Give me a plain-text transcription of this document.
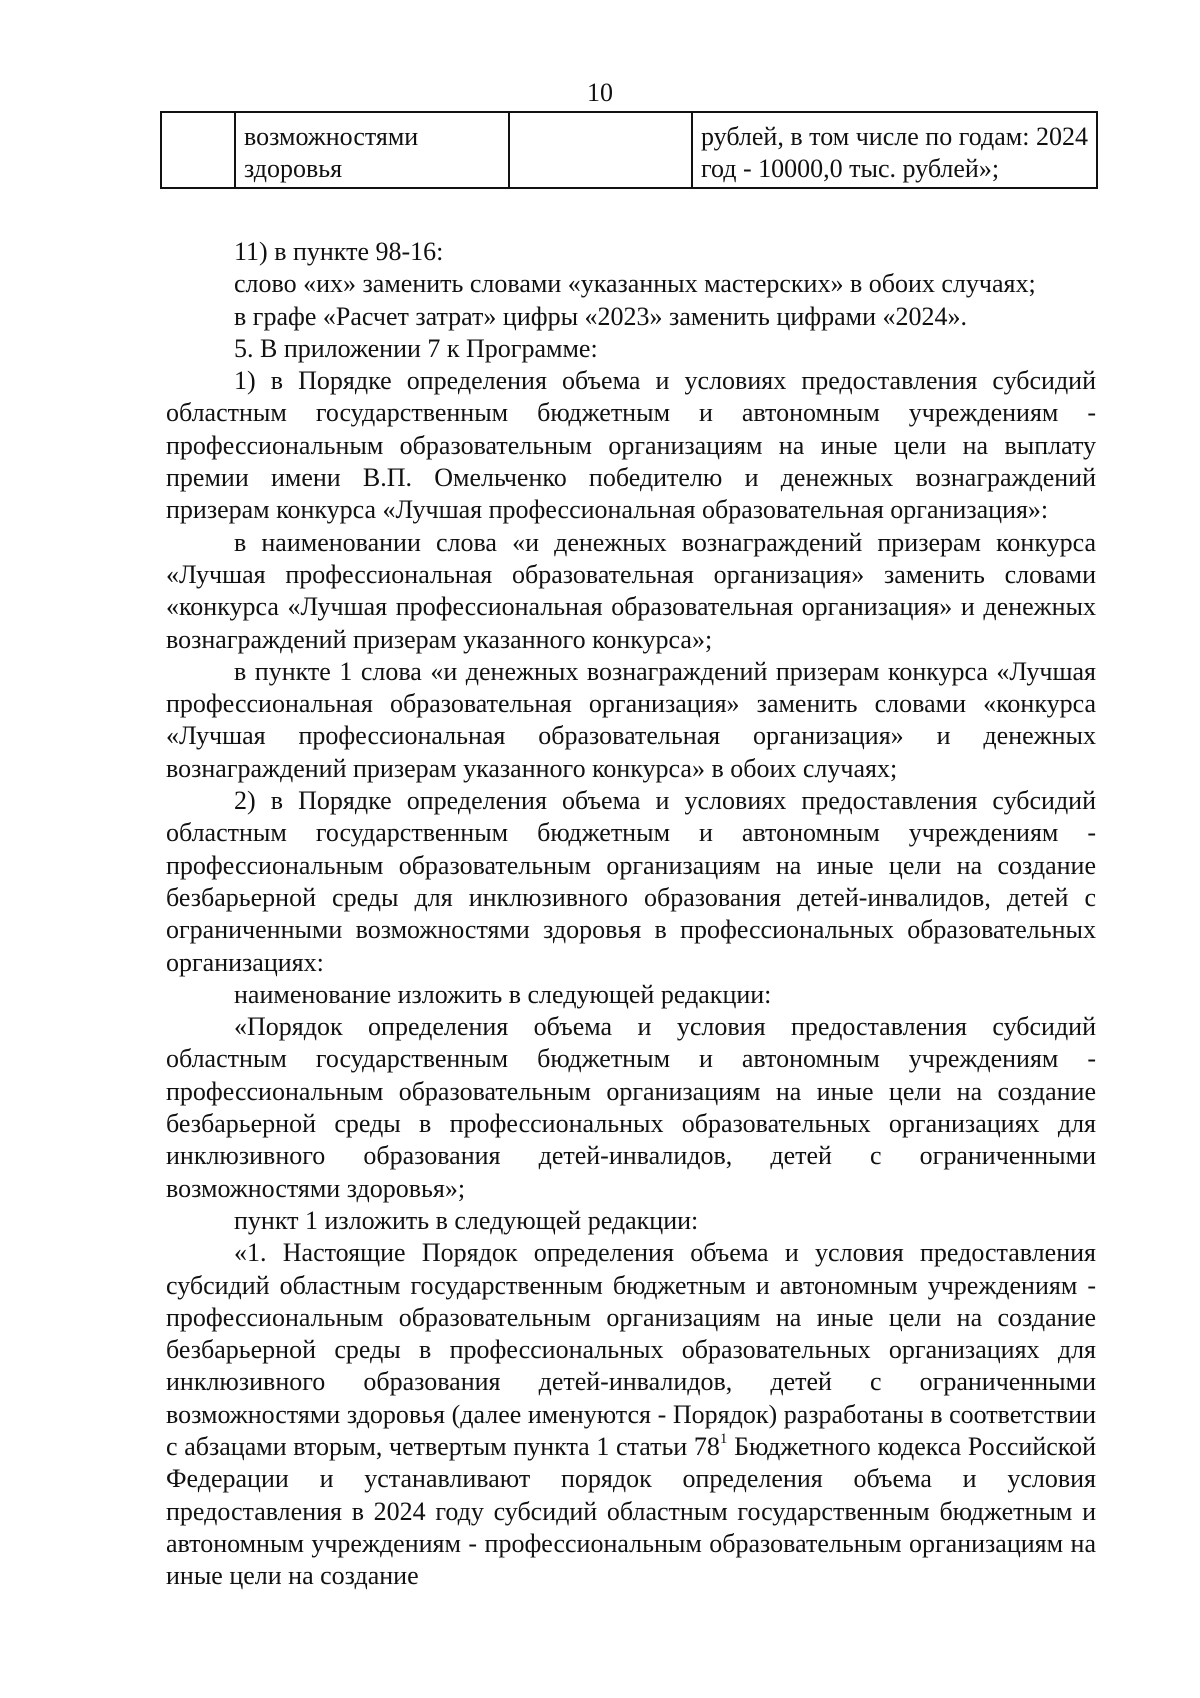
10
	возможностями здоровья		рублей, в том числе по годам: 2024 год - 10000,0 тыс. рублей»;

11) в пункте 98-16:

слово «их» заменить словами «указанных мастерских» в обоих случаях;

в графе «Расчет затрат» цифры «2023» заменить цифрами «2024».

5. В приложении 7 к Программе:

1) в Порядке определения объема и условиях предоставления субсидий областным государственным бюджетным и автономным учреждениям - профессиональным образовательным организациям на иные цели на выплату премии имени В.П. Омельченко победителю и денежных вознаграждений призерам конкурса «Лучшая профессиональная образовательная организация»:

в наименовании слова «и денежных вознаграждений призерам конкурса «Лучшая профессиональная образовательная организация» заменить словами «конкурса «Лучшая профессиональная образовательная организация» и денежных вознаграждений призерам указанного конкурса»;

в пункте 1 слова «и денежных вознаграждений призерам конкурса «Лучшая профессиональная образовательная организация» заменить словами «конкурса «Лучшая профессиональная образовательная организация» и денежных вознаграждений призерам указанного конкурса» в обоих случаях;

2) в Порядке определения объема и условиях предоставления субсидий областным государственным бюджетным и автономным учреждениям - профессиональным образовательным организациям на иные цели на создание безбарьерной среды для инклюзивного образования детей-инвалидов, детей с ограниченными возможностями здоровья в профессиональных образовательных организациях:

наименование изложить в следующей редакции:

«Порядок определения объема и условия предоставления субсидий областным государственным бюджетным и автономным учреждениям - профессиональным образовательным организациям на иные цели на создание безбарьерной среды в профессиональных образовательных организациях для инклюзивного образования детей-инвалидов, детей с ограниченными возможностями здоровья»;

пункт 1 изложить в следующей редакции:

«1. Настоящие Порядок определения объема и условия предоставления субсидий областным государственным бюджетным и автономным учреждениям - профессиональным образовательным организациям на иные цели на создание безбарьерной среды в профессиональных образовательных организациях для инклюзивного образования детей-инвалидов, детей с ограниченными возможностями здоровья (далее именуются - Порядок) разработаны в соответствии с абзацами вторым, четвертым пункта 1 статьи $78^1$ Бюджетного кодекса Российской Федерации и устанавливают порядок определения объема и условия предоставления в 2024 году субсидий областным государственным бюджетным и автономным учреждениям - профессиональным образовательным организациям на иные цели на создание
